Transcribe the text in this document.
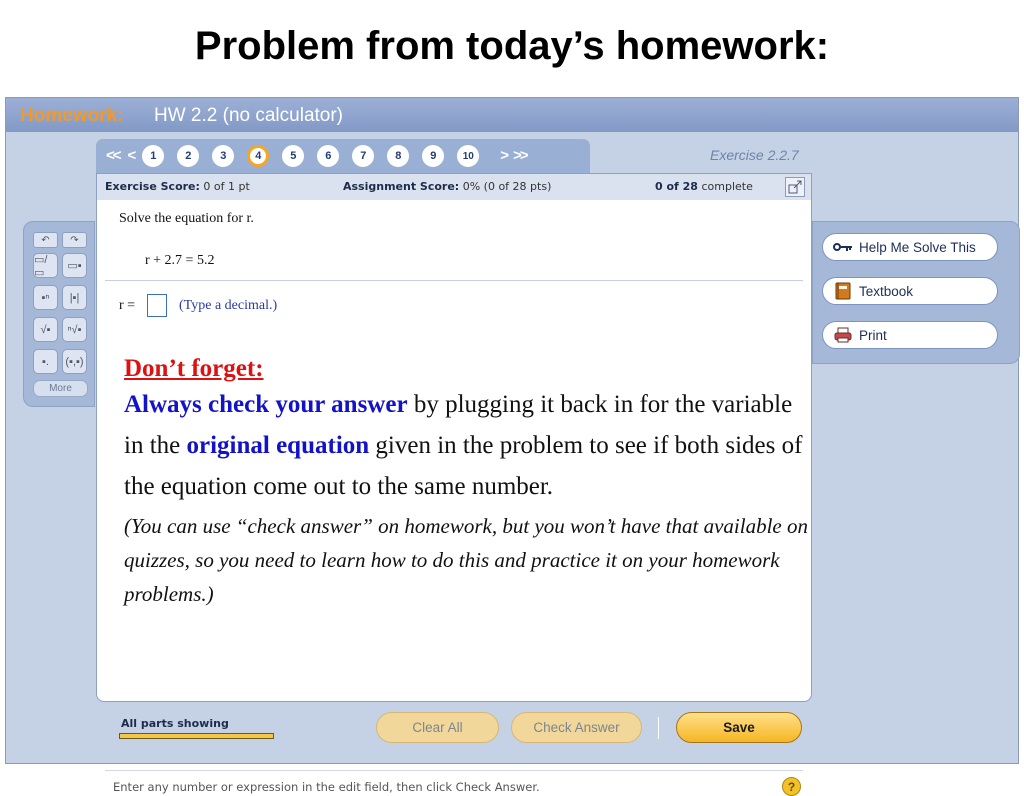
Problem from today’s homework:
Homework: HW 2.2 (no calculator)
<< <	1	2	3	4	5	6	7	8	9	10	> >>	Exercise 2.2.7
↶	↷
▭/▭
▭▪
▪ⁿ	|▪|
√▪	ⁿ√▪
▪.	(▪,▪)
More
Help Me Solve This
Textbook
Print
Exercise Score: 0 of 1 pt	Assignment Score: 0% (0 of 28 pts)	0 of 28 complete
Solve the equation for r.
r + 2.7 = 5.2
r =	(Type a decimal.)
Don’t forget:
Always check your answer by plugging it back in for the variable in the original equation given in the problem to see if both sides of the equation come out to the same number.
(You can use “check answer” on homework, but you won’t have that available on quizzes, so you need to learn how to do this and practice it on your homework problems.)
Enter any number or expression in the edit field, then click Check Answer.	?
All parts showing	Clear All	Check Answer	Save
